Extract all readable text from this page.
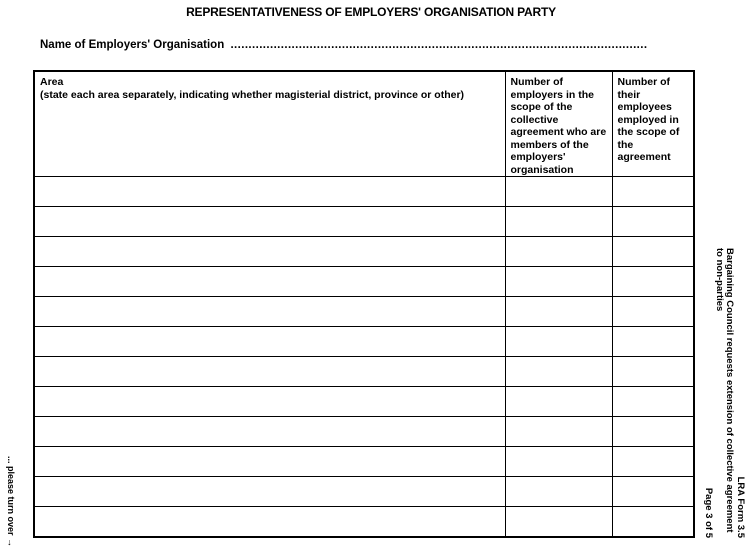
REPRESENTATIVENESS OF EMPLOYERS' ORGANISATION PARTY
Name of Employers' Organisation ....................................................................................................................
Area
(state each area separately, indicating whether magisterial district, province or other)	Number of employers in the scope of the collective agreement who are members of the employers' organisation	Number of their employees employed in the scope of the agreement

LRA Form 3.5
Bargaining Council requests extension of collective agreement to non-parties
Page 3 of 5
... please turn over →
